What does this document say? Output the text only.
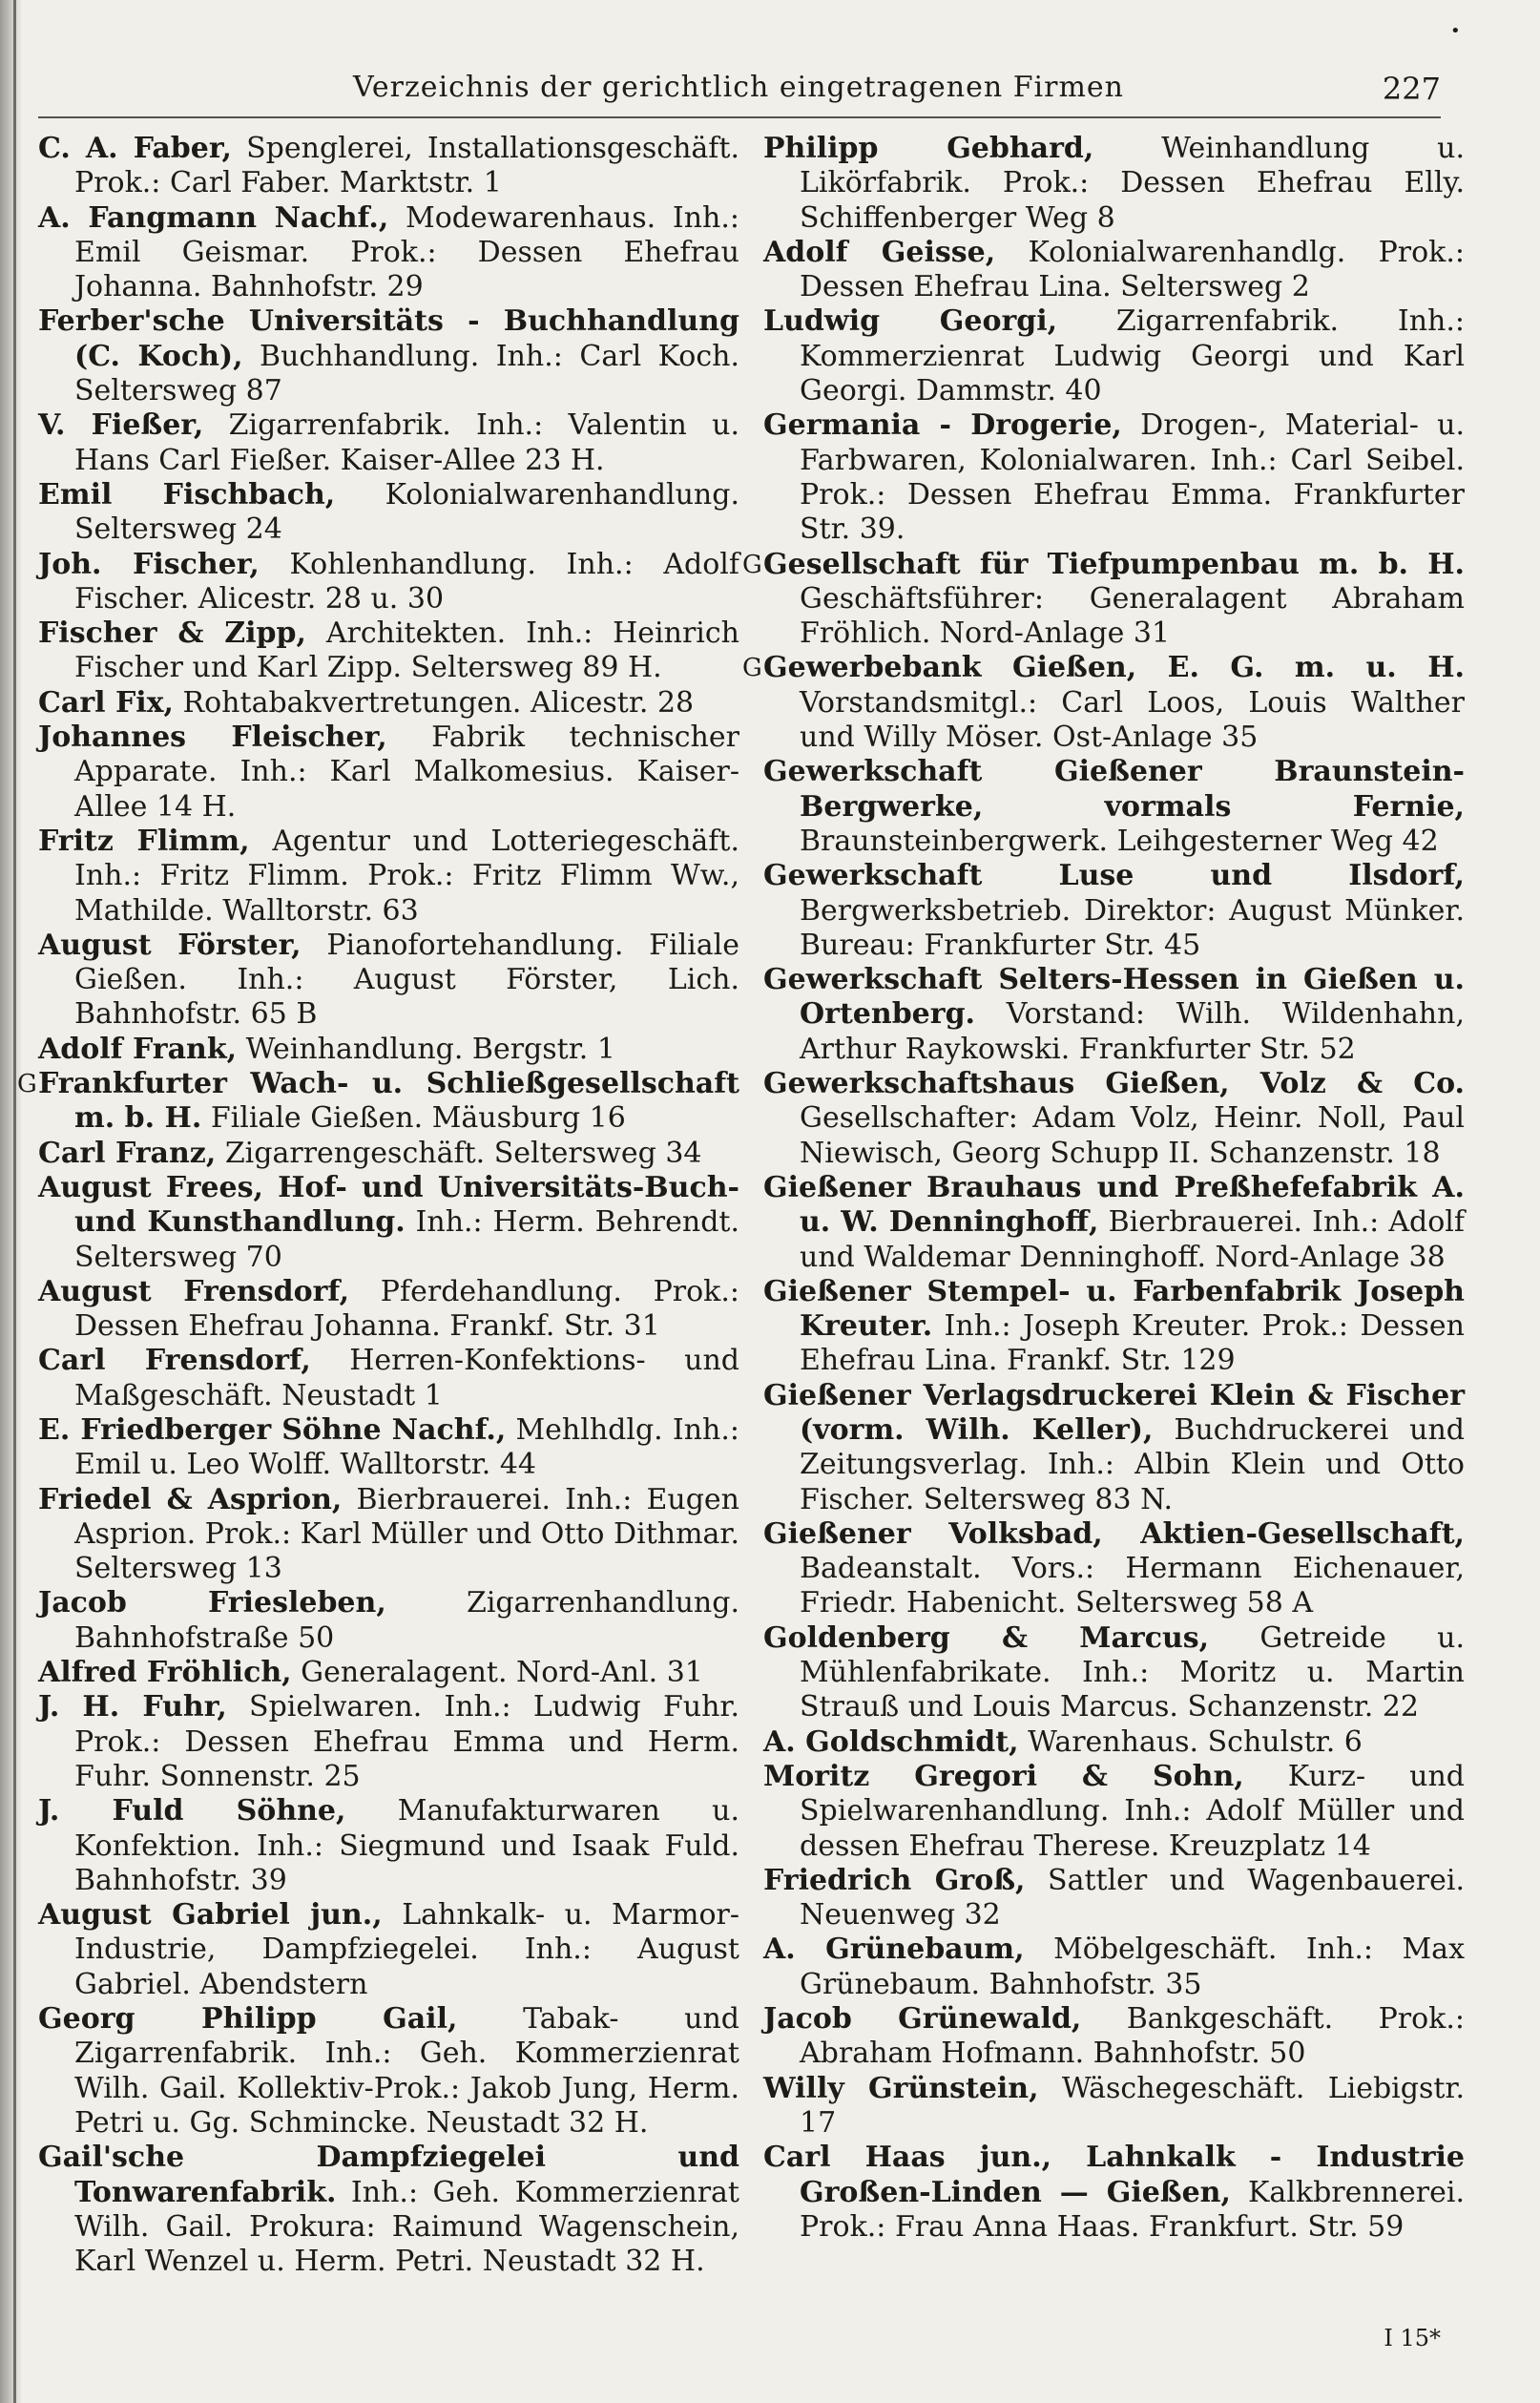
•
Verzeichnis der gerichtlich eingetragenen Firmen	227
C. A. Faber, Spenglerei, Installationsgeschäft. Prok.: Carl Faber. Marktstr. 1
A. Fangmann Nachf., Modewarenhaus. Inh.: Emil Geismar. Prok.: Dessen Ehefrau Johanna. Bahnhofstr. 29
Ferber'sche Universitäts - Buchhandlung (C. Koch), Buchhandlung. Inh.: Carl Koch. Seltersweg 87
V. Fießer, Zigarrenfabrik. Inh.: Valentin u. Hans Carl Fießer. Kaiser-Allee 23 H.
Emil Fischbach, Kolonialwarenhandlung. Seltersweg 24
Joh. Fischer, Kohlenhandlung. Inh.: Adolf Fischer. Alicestr. 28 u. 30
Fischer & Zipp, Architekten. Inh.: Heinrich Fischer und Karl Zipp. Seltersweg 89 H.
Carl Fix, Rohtabakvertretungen. Alicestr. 28
Johannes Fleischer, Fabrik technischer Apparate. Inh.: Karl Malkomesius. Kaiser-Allee 14 H.
Fritz Flimm, Agentur und Lotteriegeschäft. Inh.: Fritz Flimm. Prok.: Fritz Flimm Ww., Mathilde. Walltorstr. 63
August Förster, Pianofortehandlung. Filiale Gießen. Inh.: August Förster, Lich. Bahnhofstr. 65 B
Adolf Frank, Weinhandlung. Bergstr. 1
G Frankfurter Wach- u. Schließgesellschaft m. b. H. Filiale Gießen. Mäusburg 16
Carl Franz, Zigarrengeschäft. Seltersweg 34
August Frees, Hof- und Universitäts-Buch- und Kunsthandlung. Inh.: Herm. Behrendt. Seltersweg 70
August Frensdorf, Pferdehandlung. Prok.: Dessen Ehefrau Johanna. Frankf. Str. 31
Carl Frensdorf, Herren-Konfektions- und Maßgeschäft. Neustadt 1
E. Friedberger Söhne Nachf., Mehlhdlg. Inh.: Emil u. Leo Wolff. Walltorstr. 44
Friedel & Asprion, Bierbrauerei. Inh.: Eugen Asprion. Prok.: Karl Müller und Otto Dithmar. Seltersweg 13
Jacob Friesleben, Zigarrenhandlung. Bahnhofstraße 50
Alfred Fröhlich, Generalagent. Nord-Anl. 31
J. H. Fuhr, Spielwaren. Inh.: Ludwig Fuhr. Prok.: Dessen Ehefrau Emma und Herm. Fuhr. Sonnenstr. 25
J. Fuld Söhne, Manufakturwaren u. Konfektion. Inh.: Siegmund und Isaak Fuld. Bahnhofstr. 39
August Gabriel jun., Lahnkalk- u. Marmor-Industrie, Dampfziegelei. Inh.: August Gabriel. Abendstern
Georg Philipp Gail, Tabak- und Zigarrenfabrik. Inh.: Geh. Kommerzienrat Wilh. Gail. Kollektiv-Prok.: Jakob Jung, Herm. Petri u. Gg. Schmincke. Neustadt 32 H.
Gail'sche Dampfziegelei und Tonwarenfabrik. Inh.: Geh. Kommerzienrat Wilh. Gail. Prokura: Raimund Wagenschein, Karl Wenzel u. Herm. Petri. Neustadt 32 H.
Philipp Gebhard, Weinhandlung u. Likörfabrik. Prok.: Dessen Ehefrau Elly. Schiffenberger Weg 8
Adolf Geisse, Kolonialwarenhandlg. Prok.: Dessen Ehefrau Lina. Seltersweg 2
Ludwig Georgi, Zigarrenfabrik. Inh.: Kommerzienrat Ludwig Georgi und Karl Georgi. Dammstr. 40
Germania - Drogerie, Drogen-, Material- u. Farbwaren, Kolonialwaren. Inh.: Carl Seibel. Prok.: Dessen Ehefrau Emma. Frankfurter Str. 39.
G Gesellschaft für Tiefpumpenbau m. b. H. Geschäftsführer: Generalagent Abraham Fröhlich. Nord-Anlage 31
G Gewerbebank Gießen, E. G. m. u. H. Vorstandsmitgl.: Carl Loos, Louis Walther und Willy Möser. Ost-Anlage 35
Gewerkschaft Gießener Braunstein-Bergwerke, vormals Fernie, Braunsteinbergwerk. Leihgesterner Weg 42
Gewerkschaft Luse und Ilsdorf, Bergwerksbetrieb. Direktor: August Münker. Bureau: Frankfurter Str. 45
Gewerkschaft Selters-Hessen in Gießen u. Ortenberg. Vorstand: Wilh. Wildenhahn, Arthur Raykowski. Frankfurter Str. 52
Gewerkschaftshaus Gießen, Volz & Co. Gesellschafter: Adam Volz, Heinr. Noll, Paul Niewisch, Georg Schupp II. Schanzenstr. 18
Gießener Brauhaus und Preßhefefabrik A. u. W. Denninghoff, Bierbrauerei. Inh.: Adolf und Waldemar Denninghoff. Nord-Anlage 38
Gießener Stempel- u. Farbenfabrik Joseph Kreuter. Inh.: Joseph Kreuter. Prok.: Dessen Ehefrau Lina. Frankf. Str. 129
Gießener Verlagsdruckerei Klein & Fischer (vorm. Wilh. Keller), Buchdruckerei und Zeitungsverlag. Inh.: Albin Klein und Otto Fischer. Seltersweg 83 N.
Gießener Volksbad, Aktien-Gesellschaft, Badeanstalt. Vors.: Hermann Eichenauer, Friedr. Habenicht. Seltersweg 58 A
Goldenberg & Marcus, Getreide u. Mühlenfabrikate. Inh.: Moritz u. Martin Strauß und Louis Marcus. Schanzenstr. 22
A. Goldschmidt, Warenhaus. Schulstr. 6
Moritz Gregori & Sohn, Kurz- und Spielwarenhandlung. Inh.: Adolf Müller und dessen Ehefrau Therese. Kreuzplatz 14
Friedrich Groß, Sattler und Wagenbauerei. Neuenweg 32
A. Grünebaum, Möbelgeschäft. Inh.: Max Grünebaum. Bahnhofstr. 35
Jacob Grünewald, Bankgeschäft. Prok.: Abraham Hofmann. Bahnhofstr. 50
Willy Grünstein, Wäschegeschäft. Liebigstr. 17
Carl Haas jun., Lahnkalk - Industrie Großen-Linden — Gießen, Kalkbrennerei. Prok.: Frau Anna Haas. Frankfurt. Str. 59
I 15*
